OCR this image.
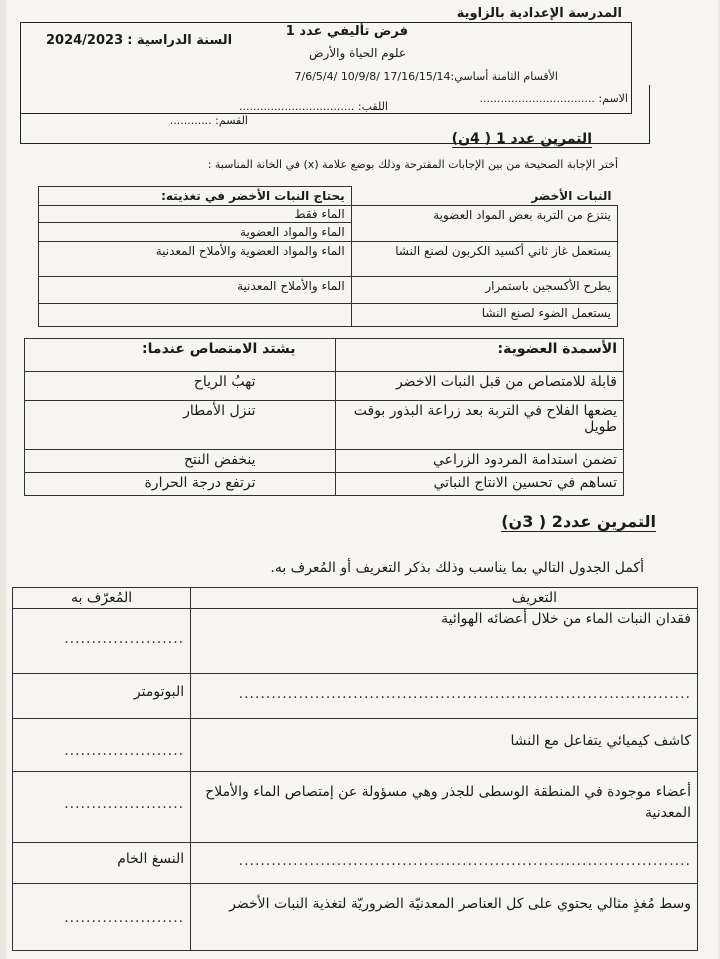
المدرسة الإعدادية بالزاوية
فرض تأليفي عدد 1
2024/2023 السنة الدراسية :
علوم الحياة والأرض
الأقسام الثامنة أساسي:17/16/15/14 /10/9/8 /7/6/5/4
الاسم: .................................
اللقب: .................................
القسم: ............
التمرين عدد 1 ( 4ن)
أختر الإجابة الصحيحة من بين الإجابات المقترحة وذلك بوضع علامة (x) في الخانة المناسبة :
النبات الأخضر	يحتاج النبات الأخضر في تغذيته:
ينتزع من التربة بعض المواد العضوية	الماء فقط
الماء والمواد العضوية

يستعمل غاز ثاني أكسيد الكربون لصنع النشا	الماء والمواد العضوية والأملاح المعدنية
يطرح الأكسجين باستمرار	الماء والأملاح المعدنية
يستعمل الضوء لصنع النشا	
الأسمدة العضوية:	يشتد الامتصاص عندما:
قابلة للامتصاص من قبل النبات الاخضر	تهبُ الرياح
يضعها الفلاح في التربة بعد زراعة البذور بوقت طويل	تنزل الأمطار
تضمن استدامة المردود الزراعي	ينخفض النتح
تساهم في تحسين الانتاج النباتي	ترتفع درجة الحرارة
التمرين عدد2 ( 3ن)
أكمل الجدول التالي بما يناسب وذلك بذكر التعريف أو المُعرف به.
التعريف	المُعرّف به

فقدان النبات الماء من خلال أعضائه الهوائية	......................

...................................................................................	البوتومتر

كاشف كيميائي يتفاعل مع النشا	......................

أعضاء موجودة في المنطقة الوسطى للجذر وهي مسؤولة عن إمتصاص الماء والأملاح المعدنية	......................

...................................................................................	النسغ الخام

وسط مُغذٍ مثالي يحتوي على كل العناصر المعدنيّة الضروريّة لتغذية النبات الأخضر	......................
